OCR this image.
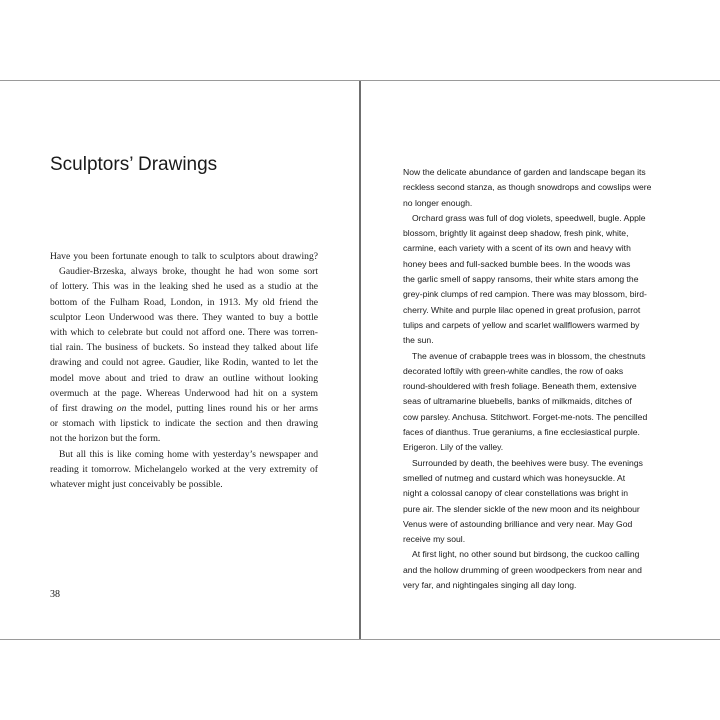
Sculptors’ Drawings
Have you been fortunate enough to talk to sculptors about drawing?
Gaudier-Brzeska, always broke, thought he had won some sort
of lottery. This was in the leaking shed he used as a studio at the
bottom of the Fulham Road, London, in 1913. My old friend the
sculptor Leon Underwood was there. They wanted to buy a bottle
with which to celebrate but could not afford one. There was torren-
tial rain. The business of buckets. So instead they talked about life
drawing and could not agree. Gaudier, like Rodin, wanted to let the
model move about and tried to draw an outline without looking
overmuch at the page. Whereas Underwood had hit on a system
of first drawing on the model, putting lines round his or her arms
or stomach with lipstick to indicate the section and then drawing
not the horizon but the form.
But all this is like coming home with yesterday’s newspaper and
reading it tomorrow. Michelangelo worked at the very extremity of
whatever might just conceivably be possible.
38
Now the delicate abundance of garden and landscape began its
reckless second stanza, as though snowdrops and cowslips were
no longer enough.
Orchard grass was full of dog violets, speedwell, bugle. Apple
blossom, brightly lit against deep shadow, fresh pink, white,
carmine, each variety with a scent of its own and heavy with
honey bees and full-sacked bumble bees. In the woods was
the garlic smell of sappy ransoms, their white stars among the
grey-pink clumps of red campion. There was may blossom, bird-
cherry. White and purple lilac opened in great profusion, parrot
tulips and carpets of yellow and scarlet wallflowers warmed by
the sun.
The avenue of crabapple trees was in blossom, the chestnuts
decorated loftily with green-white candles, the row of oaks
round-shouldered with fresh foliage. Beneath them, extensive
seas of ultramarine bluebells, banks of milkmaids, ditches of
cow parsley. Anchusa. Stitchwort. Forget-me-nots. The pencilled
faces of dianthus. True geraniums, a fine ecclesiastical purple.
Erigeron. Lily of the valley.
Surrounded by death, the beehives were busy. The evenings
smelled of nutmeg and custard which was honeysuckle. At
night a colossal canopy of clear constellations was bright in
pure air. The slender sickle of the new moon and its neighbour
Venus were of astounding brilliance and very near. May God
receive my soul.
At first light, no other sound but birdsong, the cuckoo calling
and the hollow drumming of green woodpeckers from near and
very far, and nightingales singing all day long.
